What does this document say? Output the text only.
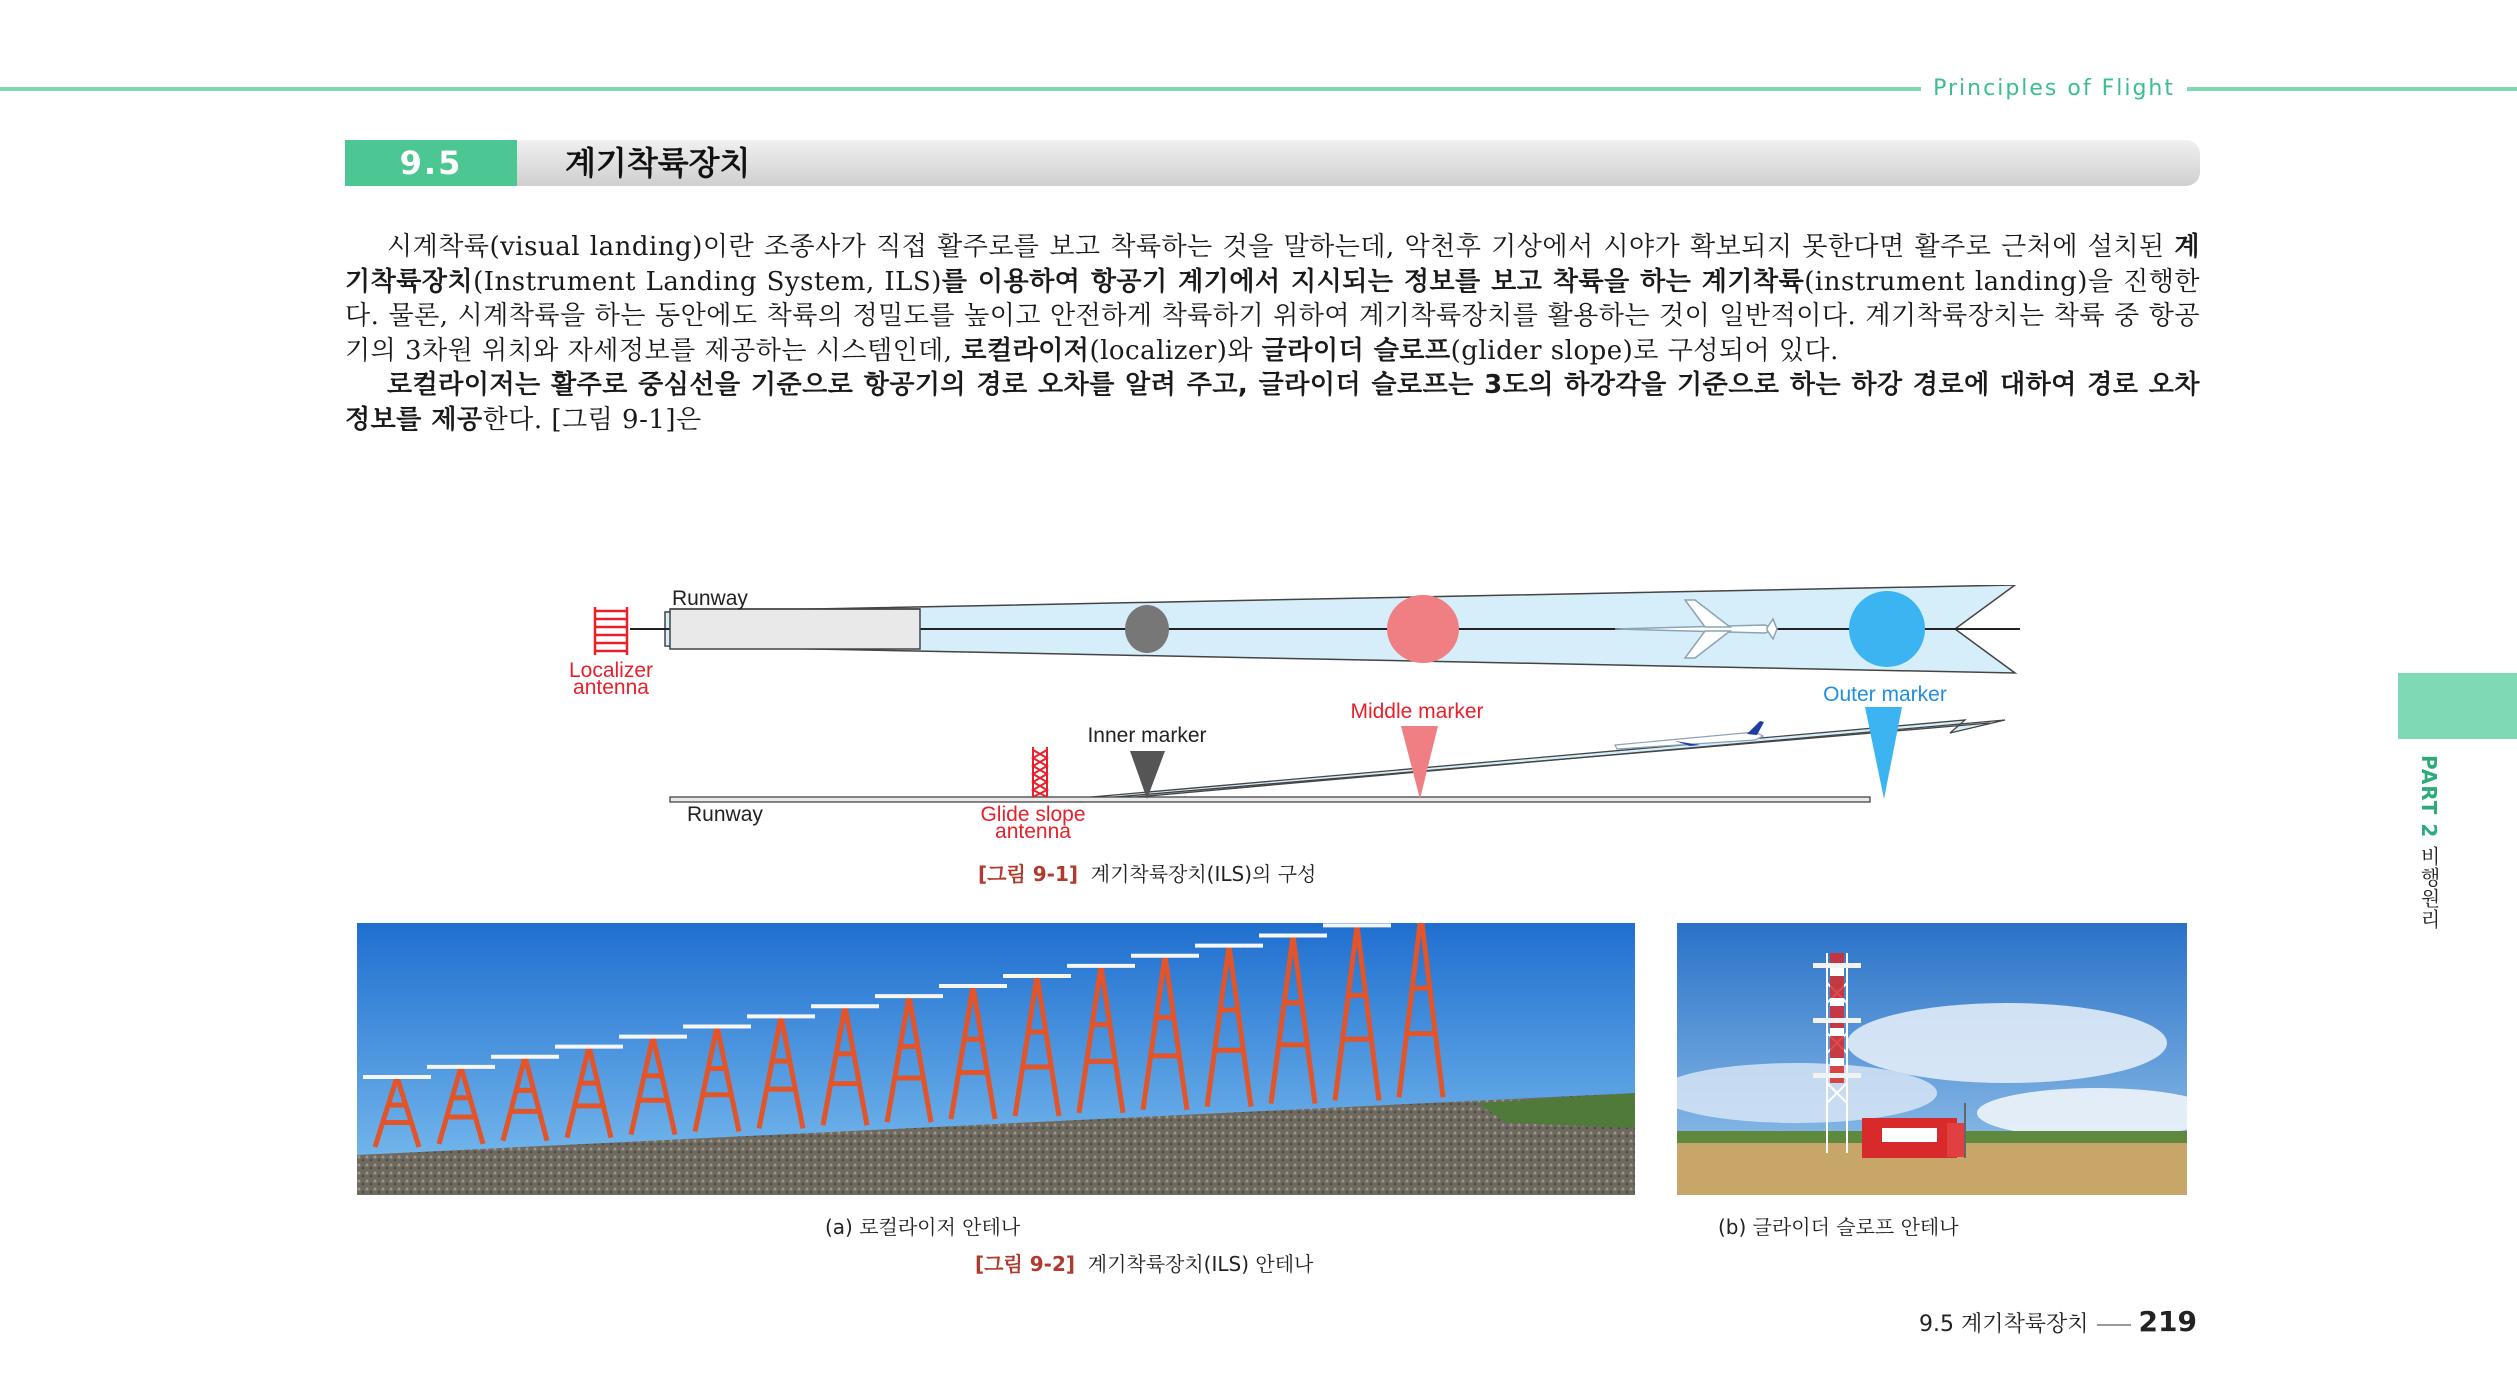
Principles of Flight
9.5	계기착륙장치

시계착륙(visual landing)이란 조종사가 직접 활주로를 보고 착륙하는 것을 말하는데, 악천후 기상에서 시야가 확보되지 못한다면 활주로 근처에 설치된 계기착륙장치(Instrument Landing System, ILS)를 이용하여 항공기 계기에서 지시되는 정보를 보고 착륙을 하는 계기착륙(instrument landing)을 진행한다. 물론, 시계착륙을 하는 동안에도 착륙의 정밀도를 높이고 안전하게 착륙하기 위하여 계기착륙장치를 활용하는 것이 일반적이다. 계기착륙장치는 착륙 중 항공기의 3차원 위치와 자세정보를 제공하는 시스템인데, 로컬라이저(localizer)와 글라이더 슬로프(glider slope)로 구성되어 있다.

로컬라이저는 활주로 중심선을 기준으로 항공기의 경로 오차를 알려 주고, 글라이더 슬로프는 3도의 하강각을 기준으로 하는 하강 경로에 대하여 경로 오차정보를 제공한다. [그림 9-1]은

Runway
Localizer
antenna	Outer marker
Middle marker
Inner marker
Runway	Glide slope
antenna
[그림 9-1] 계기착륙장치(ILS)의 구성
(a) 로컬라이저 안테나	(b) 글라이더 슬로프 안테나
[그림 9-2] 계기착륙장치(ILS) 안테나
PART 2 비행원리
9.5 계기착륙장치 219
